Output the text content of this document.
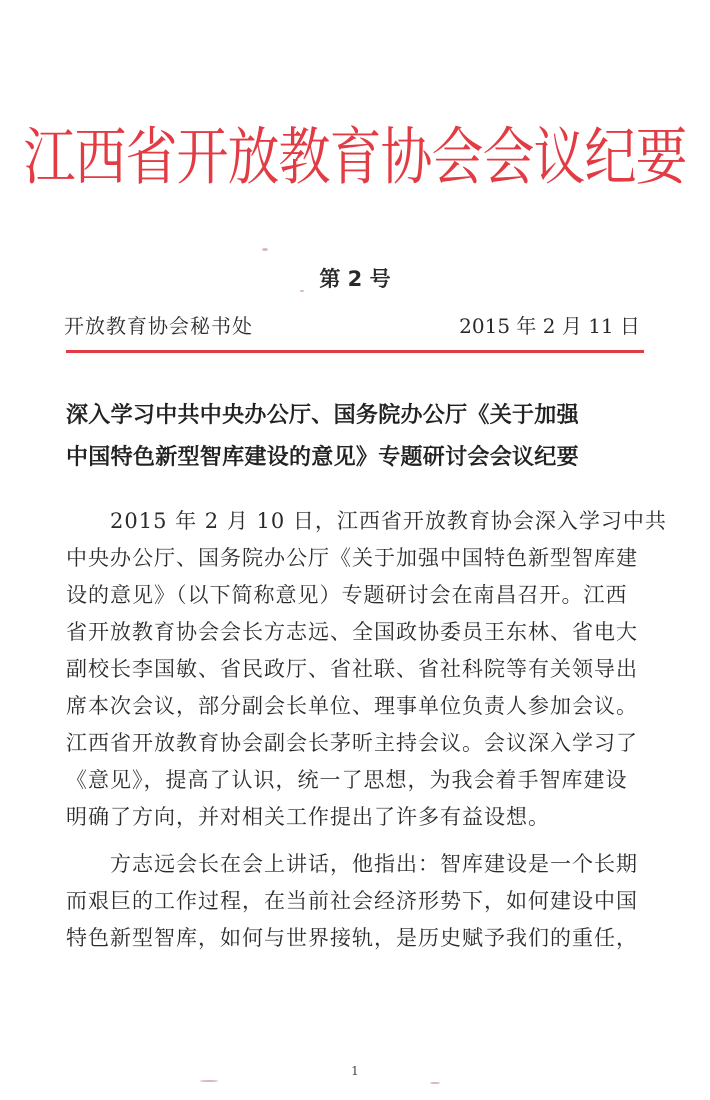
江西省开放教育协会会议纪要
第 2 号
开放教育协会秘书处	2015 年 2 月 11 日
深入学习中共中央办公厅、国务院办公厅《关于加强
中国特色新型智库建设的意见》专题研讨会会议纪要
　　2015 年 2 月 10 日，江西省开放教育协会深入学习中共
中央办公厅、国务院办公厅《关于加强中国特色新型智库建
设的意见》（以下简称意见）专题研讨会在南昌召开。江西
省开放教育协会会长方志远、全国政协委员王东林、省电大
副校长李国敏、省民政厅、省社联、省社科院等有关领导出
席本次会议，部分副会长单位、理事单位负责人参加会议。
江西省开放教育协会副会长茅昕主持会议。会议深入学习了
《意见》，提高了认识，统一了思想，为我会着手智库建设
明确了方向，并对相关工作提出了许多有益设想。
　　方志远会长在会上讲话，他指出：智库建设是一个长期
而艰巨的工作过程，在当前社会经济形势下，如何建设中国
特色新型智库，如何与世界接轨，是历史赋予我们的重任，
1
